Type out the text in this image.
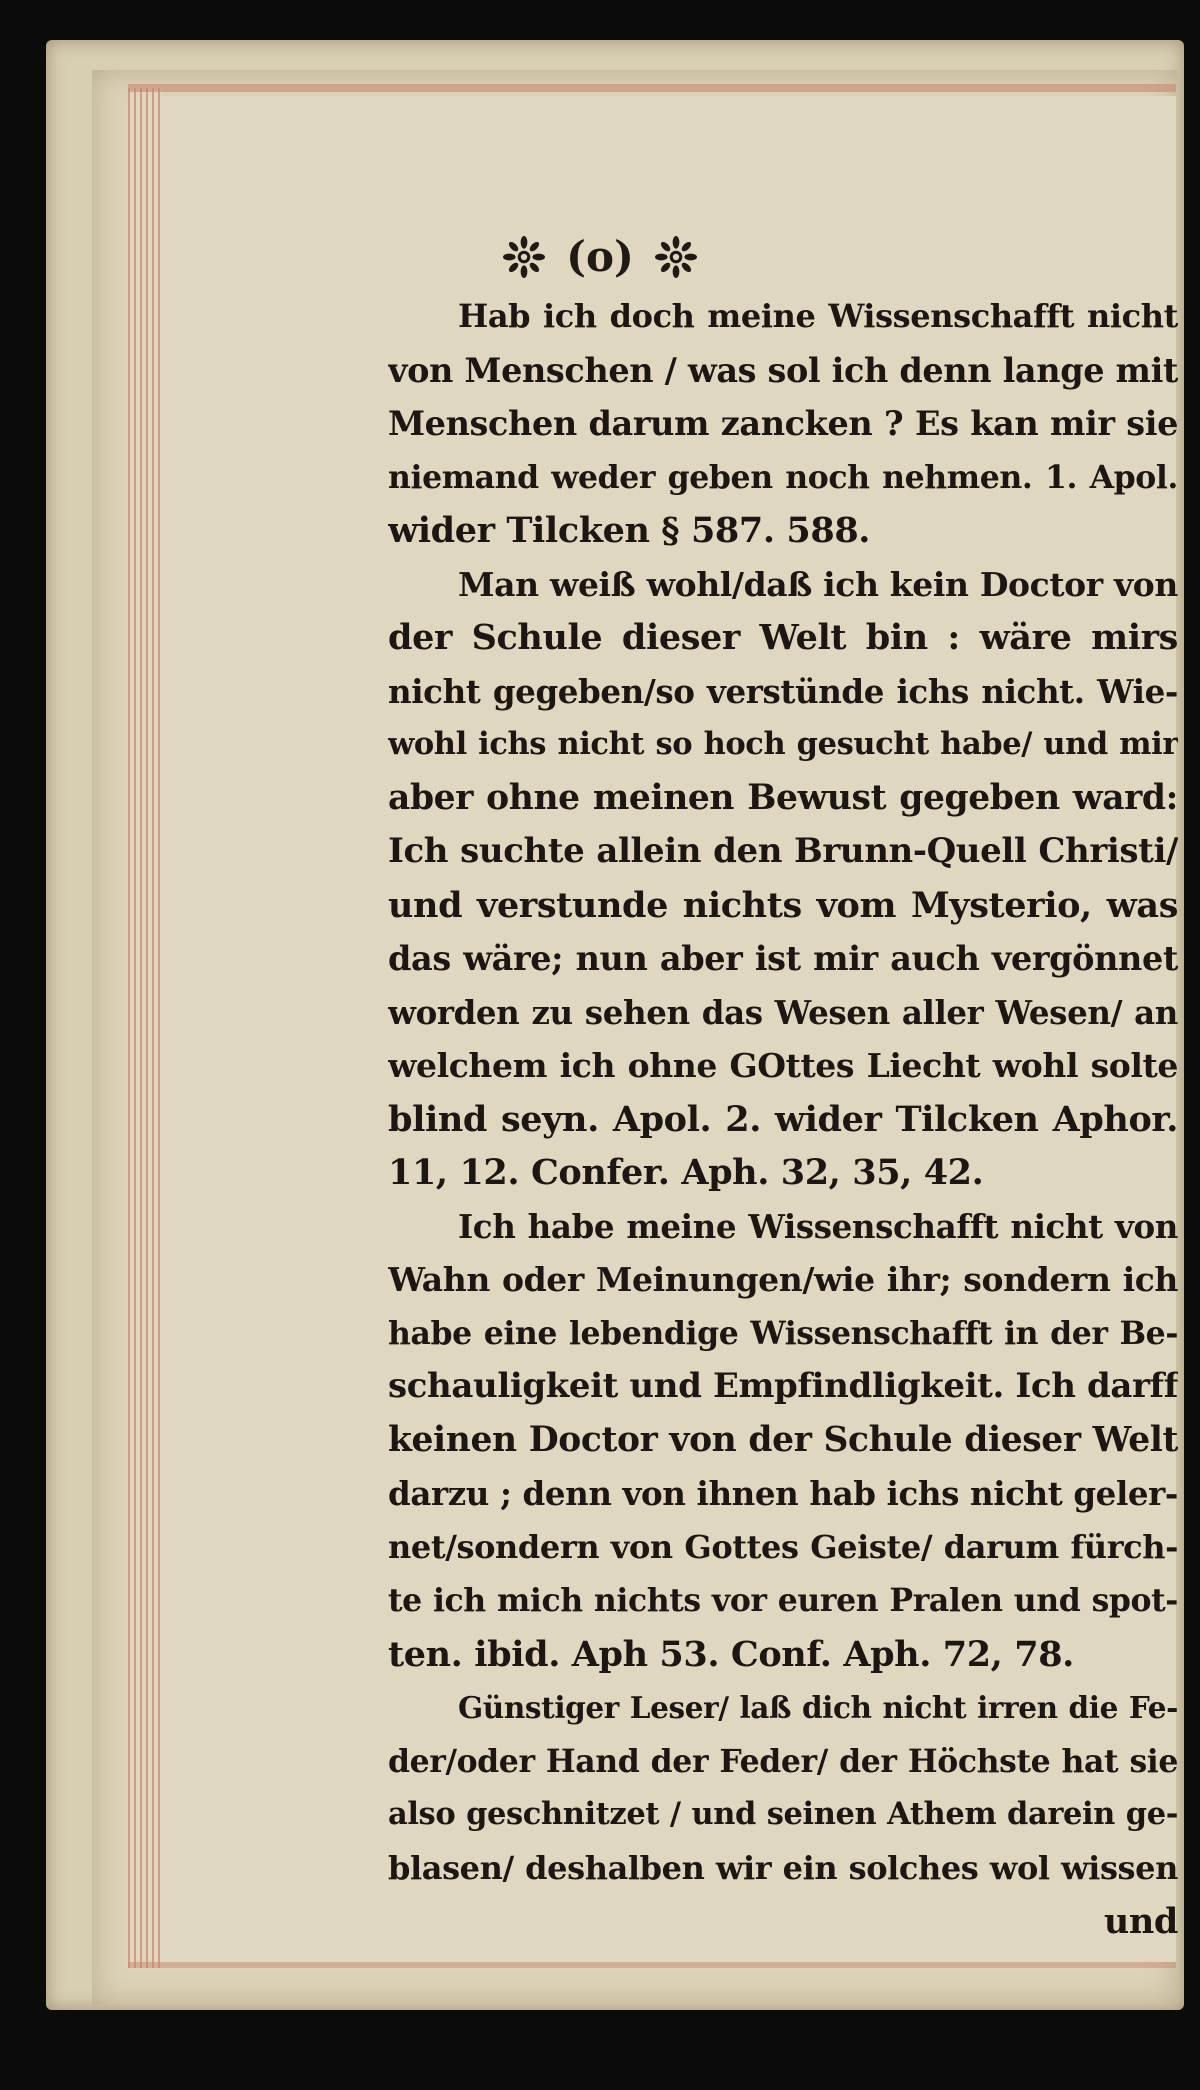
(o)
Hab ich doch meine Wissenschafft nicht
von Menschen / was sol ich denn lange mit
Menschen darum zancken ? Es kan mir sie
niemand weder geben noch nehmen. 1. Apol.
wider Tilcken § 587. 588.
Man weiß wohl/daß ich kein Doctor von
der Schule dieser Welt bin : wäre mirs
nicht gegeben/so verstünde ichs nicht. Wie-
wohl ichs nicht so hoch gesucht habe/ und mir
aber ohne meinen Bewust gegeben ward:
Ich suchte allein den Brunn-Quell Christi/
und verstunde nichts vom Mysterio, was
das wäre; nun aber ist mir auch vergönnet
worden zu sehen das Wesen aller Wesen/ an
welchem ich ohne GOttes Liecht wohl solte
blind seyn. Apol. 2. wider Tilcken Aphor.
11, 12. Confer. Aph. 32, 35, 42.
Ich habe meine Wissenschafft nicht von
Wahn oder Meinungen/wie ihr; sondern ich
habe eine lebendige Wissenschafft in der Be-
schauligkeit und Empfindligkeit. Ich darff
keinen Doctor von der Schule dieser Welt
darzu ; denn von ihnen hab ichs nicht geler-
net/sondern von Gottes Geiste/ darum fürch-
te ich mich nichts vor euren Pralen und spot-
ten. ibid. Aph 53. Conf. Aph. 72, 78.
Günstiger Leser/ laß dich nicht irren die Fe-
der/oder Hand der Feder/ der Höchste hat sie
also geschnitzet / und seinen Athem darein ge-
blasen/ deshalben wir ein solches wol wissen
und
